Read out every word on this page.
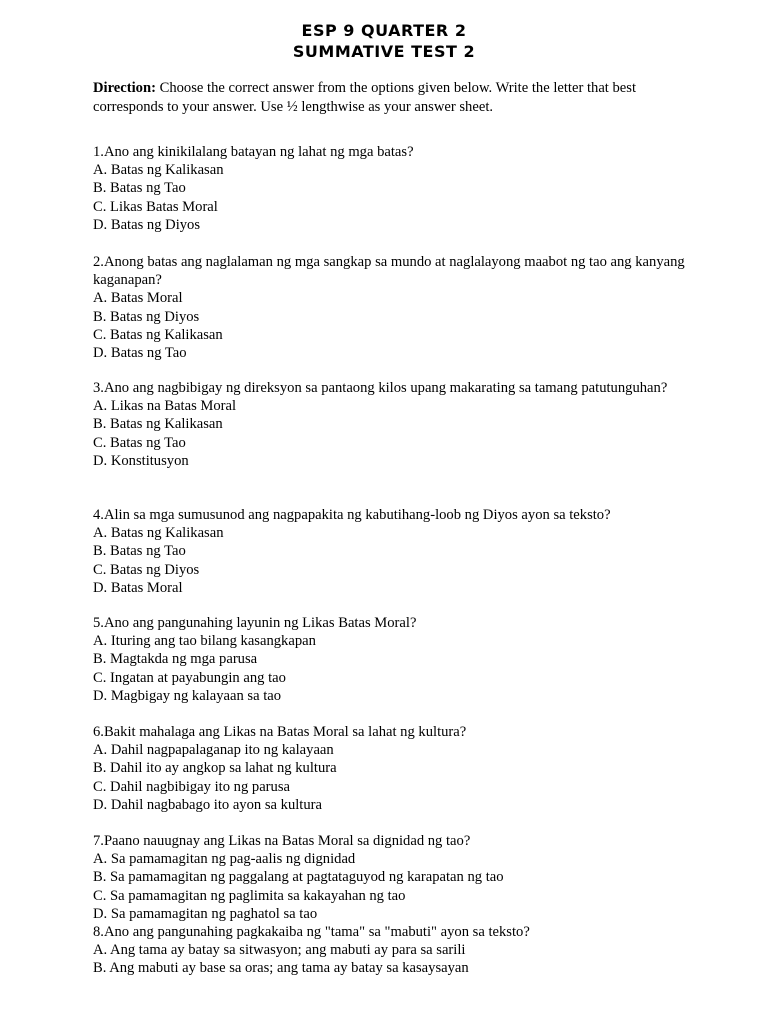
ESP 9 QUARTER 2
SUMMATIVE TEST 2
Direction: Choose the correct answer from the options given below. Write the letter that best corresponds to your answer. Use ½ lengthwise as your answer sheet.
1.Ano ang kinikilalang batayan ng lahat ng mga batas?
A. Batas ng Kalikasan
B. Batas ng Tao
C. Likas Batas Moral
D. Batas ng Diyos
2.Anong batas ang naglalaman ng mga sangkap sa mundo at naglalayong maabot ng tao ang kanyang kaganapan?
A. Batas Moral
B. Batas ng Diyos
C. Batas ng Kalikasan
D. Batas ng Tao
3.Ano ang nagbibigay ng direksyon sa pantaong kilos upang makarating sa tamang patutunguhan?
A. Likas na Batas Moral
B. Batas ng Kalikasan
C. Batas ng Tao
D. Konstitusyon
4.Alin sa mga sumusunod ang nagpapakita ng kabutihang-loob ng Diyos ayon sa teksto?
A. Batas ng Kalikasan
B. Batas ng Tao
C. Batas ng Diyos
D. Batas Moral
5.Ano ang pangunahing layunin ng Likas Batas Moral?
A. Ituring ang tao bilang kasangkapan
B. Magtakda ng mga parusa
C. Ingatan at payabungin ang tao
D. Magbigay ng kalayaan sa tao
6.Bakit mahalaga ang Likas na Batas Moral sa lahat ng kultura?
A. Dahil nagpapalaganap ito ng kalayaan
B. Dahil ito ay angkop sa lahat ng kultura
C. Dahil nagbibigay ito ng parusa
D. Dahil nagbabago ito ayon sa kultura
7.Paano nauugnay ang Likas na Batas Moral sa dignidad ng tao?
A. Sa pamamagitan ng pag-aalis ng dignidad
B. Sa pamamagitan ng paggalang at pagtataguyod ng karapatan ng tao
C. Sa pamamagitan ng paglimita sa kakayahan ng tao
D. Sa pamamagitan ng paghatol sa tao
8.Ano ang pangunahing pagkakaiba ng "tama" sa "mabuti" ayon sa teksto?
A. Ang tama ay batay sa sitwasyon; ang mabuti ay para sa sarili
B. Ang mabuti ay base sa oras; ang tama ay batay sa kasaysayan
